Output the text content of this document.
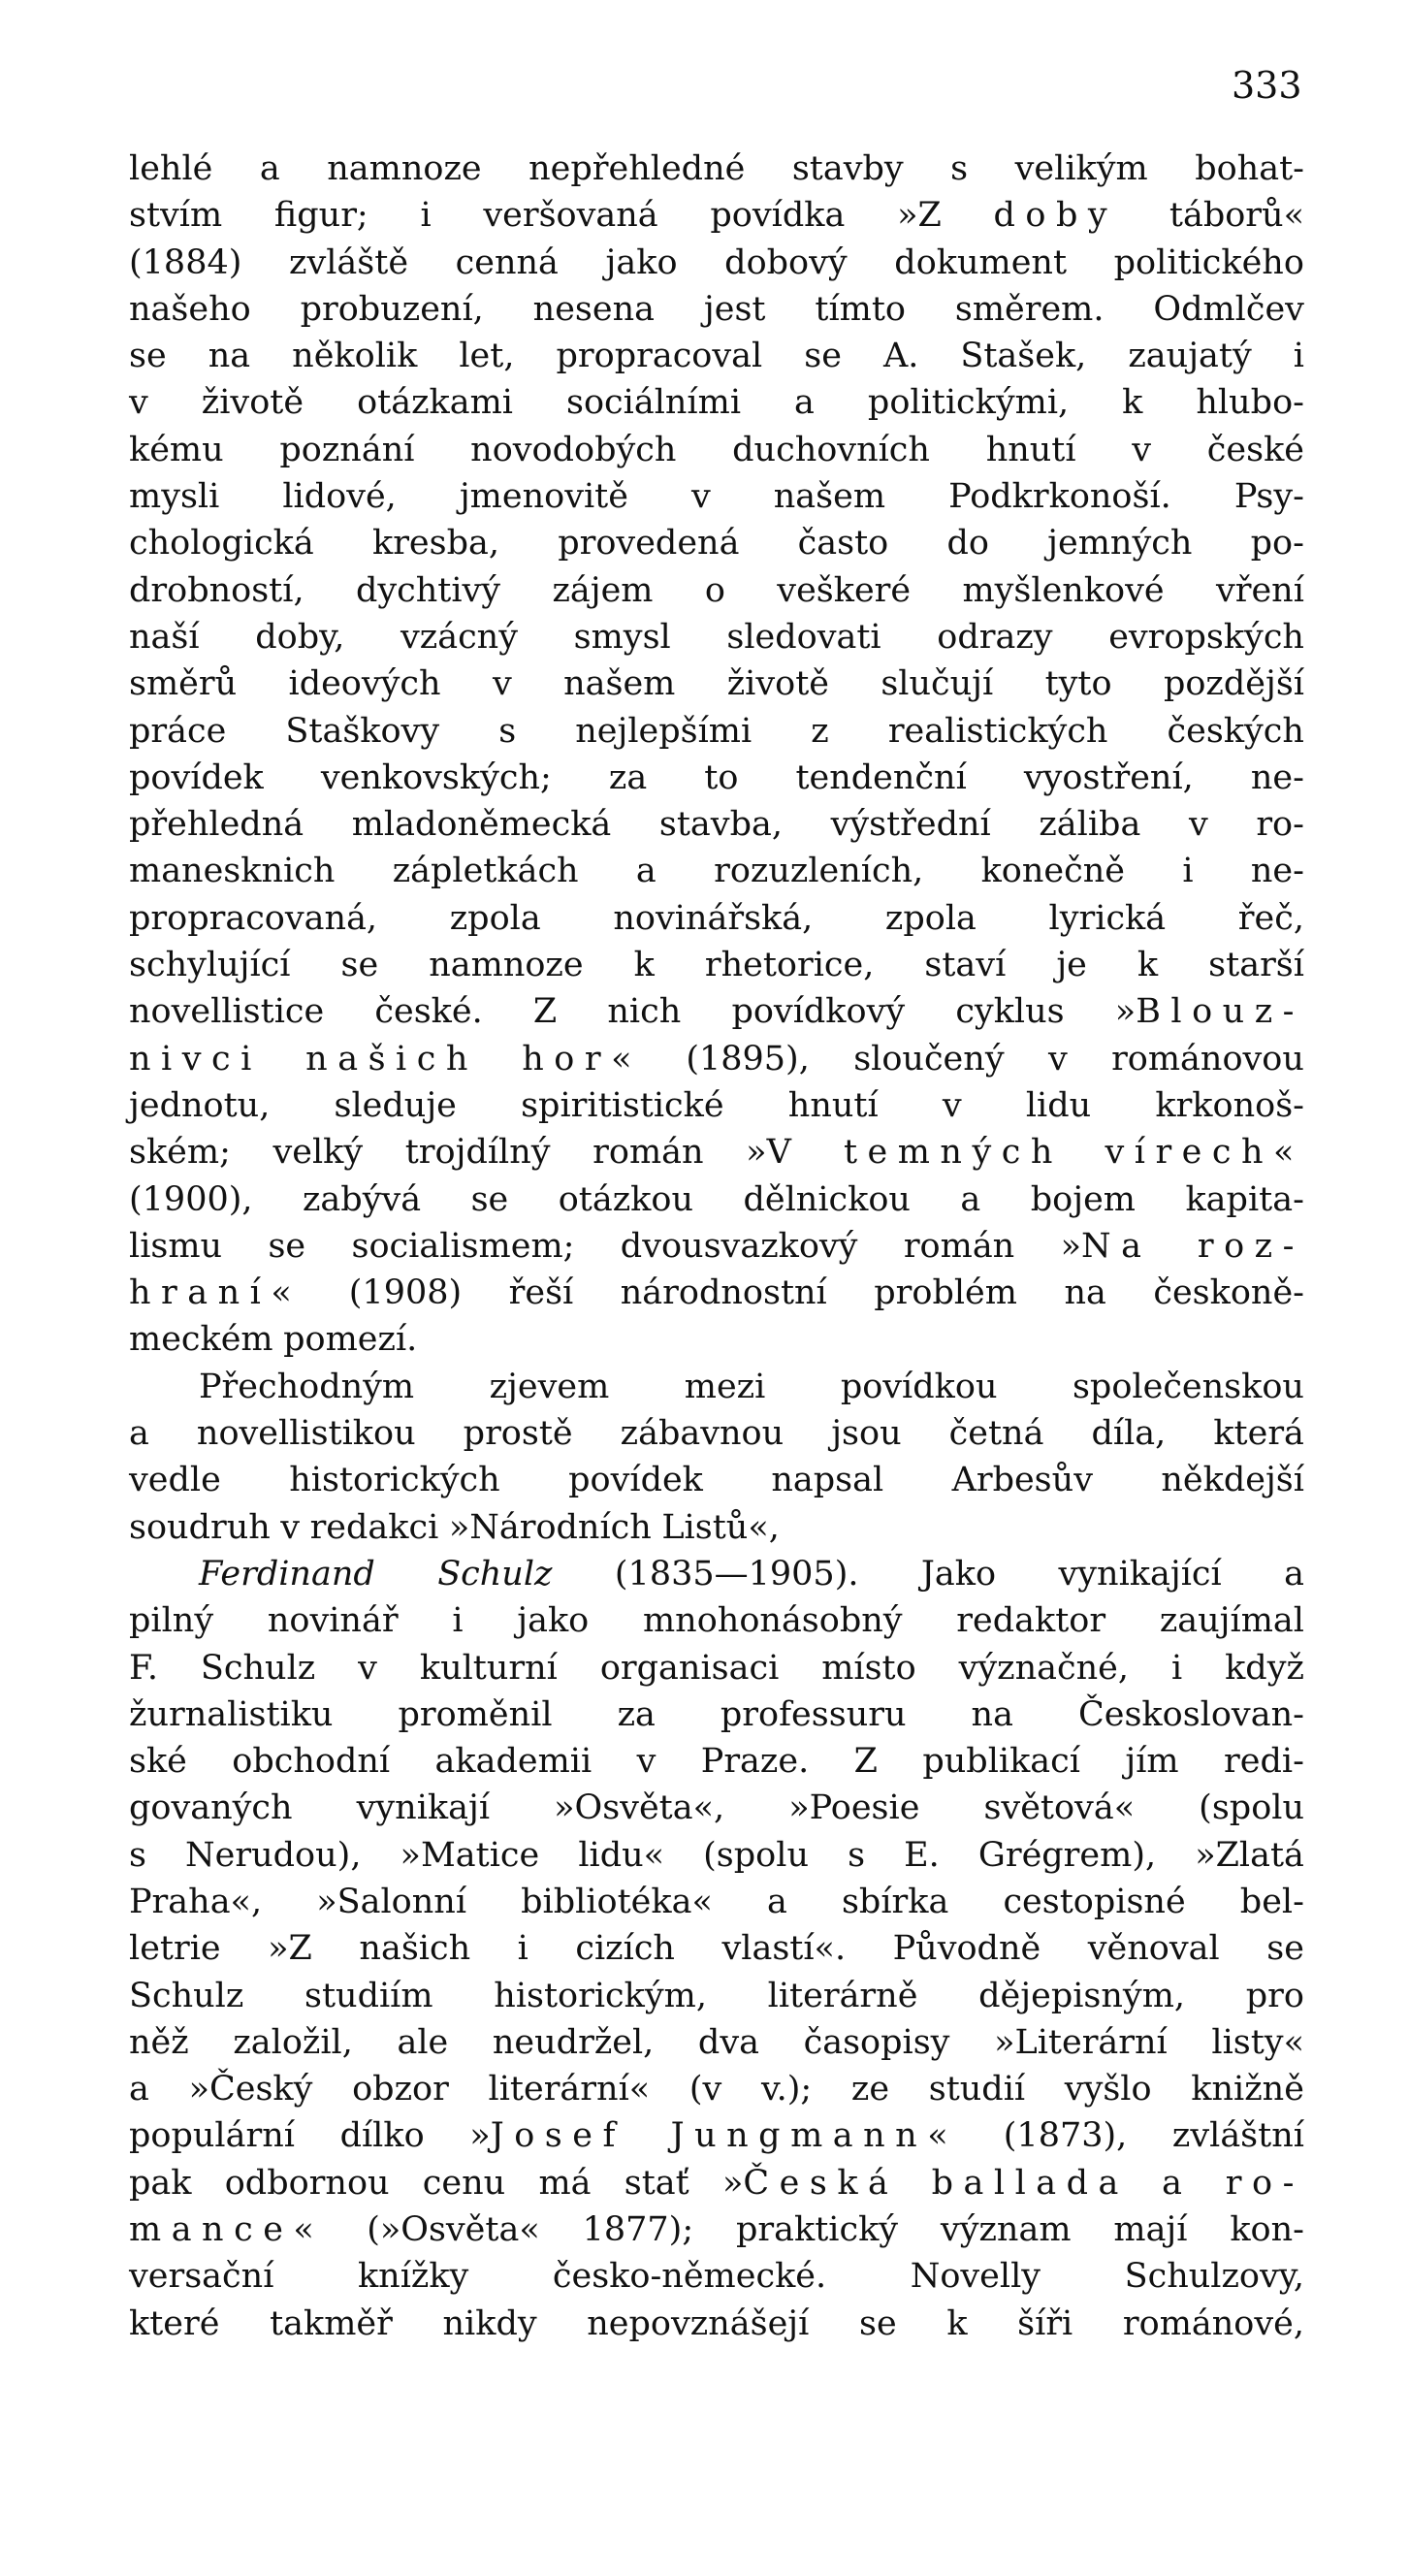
333
lehlé a namnoze nepřehledné stavby s velikým bohat-
stvím figur; i veršovaná povídka »Z doby táborů«
(1884) zvláště cenná jako dobový dokument politického
našeho probuzení, nesena jest tímto směrem. Odmlčev
se na několik let, propracoval se A. Stašek, zaujatý i
v životě otázkami sociálními a politickými, k hlubo-
kému poznání novodobých duchovních hnutí v české
mysli lidové, jmenovitě v našem Podkrkonoší. Psy-
chologická kresba, provedená často do jemných po-
drobností, dychtivý zájem o veškeré myšlenkové vření
naší doby, vzácný smysl sledovati odrazy evropských
směrů ideových v našem životě slučují tyto pozdější
práce Staškovy s nejlepšími z realistických českých
povídek venkovských; za to tendenční vyostření, ne-
přehledná mladoněmecká stavba, výstřední záliba v ro-
manesknich zápletkách a rozuzleních, konečně i ne-
propracovaná, zpola novinářská, zpola lyrická řeč,
schylující se namnoze k rhetorice, staví je k starší
novellistice české. Z nich povídkový cyklus »Blouz-
nivci našich hor« (1895), sloučený v románovou
jednotu, sleduje spiritistické hnutí v lidu krkonoš-
ském; velký trojdílný román »V temných vírech«
(1900), zabývá se otázkou dělnickou a bojem kapita-
lismu se socialismem; dvousvazkový román »Na roz-
hraní« (1908) řeší národnostní problém na českoně-
meckém pomezí.
Přechodným zjevem mezi povídkou společenskou
a novellistikou prostě zábavnou jsou četná díla, která
vedle historických povídek napsal Arbesův někdejší
soudruh v redakci »Národních Listů«,
Ferdinand Schulz (1835—1905). Jako vynikající a
pilný novinář i jako mnohonásobný redaktor zaujímal
F. Schulz v kulturní organisaci místo význačné, i když
žurnalistiku proměnil za professuru na Českoslovan-
ské obchodní akademii v Praze. Z publikací jím redi-
govaných vynikají »Osvěta«, »Poesie světová« (spolu
s Nerudou), »Matice lidu« (spolu s E. Grégrem), »Zlatá
Praha«, »Salonní bibliotéka« a sbírka cestopisné bel-
letrie »Z našich i cizích vlastí«. Původně věnoval se
Schulz studiím historickým, literárně dějepisným, pro
něž založil, ale neudržel, dva časopisy »Literární listy«
a »Český obzor literární« (v v.); ze studií vyšlo knižně
populární dílko »Josef Jungmann« (1873), zvláštní
pak odbornou cenu má stať »Česká ballada a ro-
mance« (»Osvěta« 1877); praktický význam mají kon-
versační knížky česko-německé. Novelly Schulzovy,
které takměř nikdy nepovznášejí se k šíři románové,
